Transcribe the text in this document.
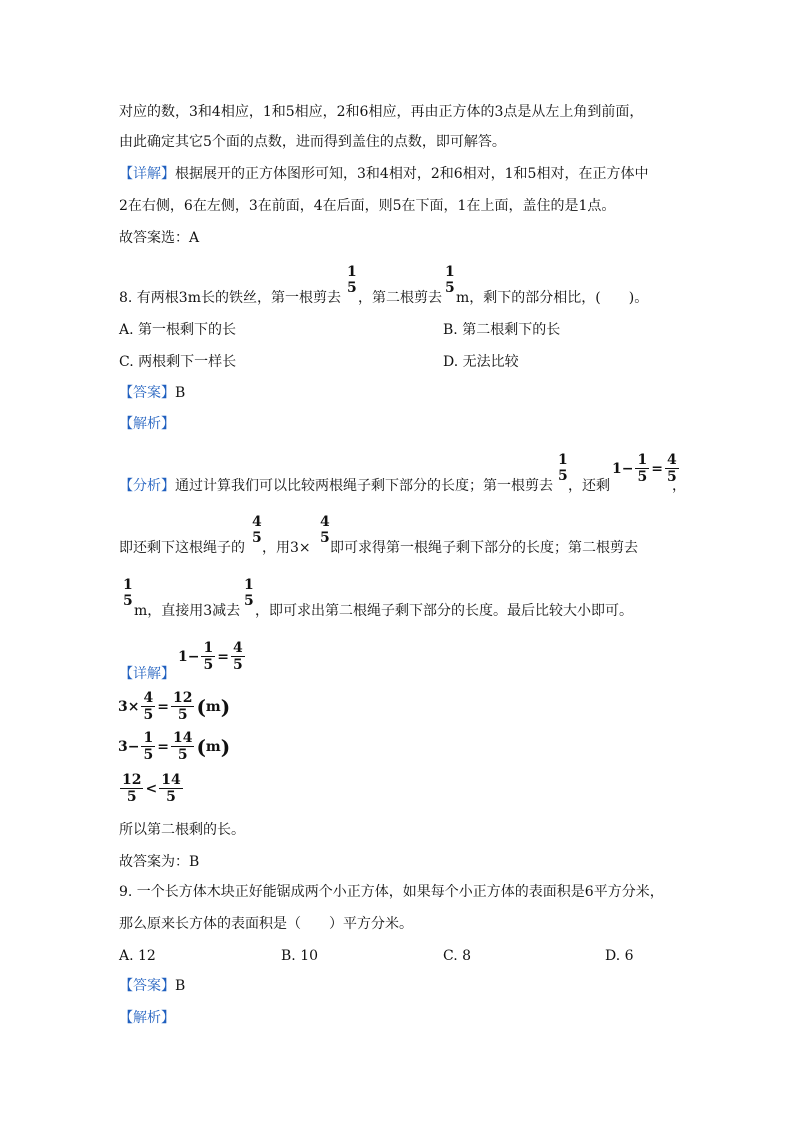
对应的数，3和4相应，1和5相应，2和6相应，再由正方体的3点是从左上角到前面，
由此确定其它5个面的点数，进而得到盖住的点数，即可解答。
【详解】根据展开的正方体图形可知，3和4相对，2和6相对，1和5相对，在正方体中
2在右侧，6在左侧，3在前面，4在后面，则5在下面，1在上面，盖住的是1点。
故答案选：A
8. 有两根3m长的铁丝，第一根剪去
1
5
，第二根剪去
1
5
m，剩下的部分相比，(　　)。
A. 第一根剩下的长	B. 第二根剩下的长
C. 两根剩下一样长	D. 无法比较
【答案】B
【解析】
【分析】通过计算我们可以比较两根绳子剩下部分的长度；第一根剪去
1
5
，还剩
$1 - \frac{1}{5} = \frac{4}{5}$
，
即还剩下这根绳子的
4
5
，用3×
4
5
即可求得第一根绳子剩下部分的长度；第二根剪去
1
5
m，直接用3减去
1
5
，即可求出第二根绳子剩下部分的长度。最后比较大小即可。
【详解】
$1 - \frac{1}{5} = \frac{4}{5}$
$3 \times \frac{4}{5} = \frac{12}{5}$ ( m )
$3 - \frac{1}{5} = \frac{14}{5}$ ( m )
$\frac{12}{5} < \frac{14}{5}$
所以第二根剩的长。
故答案为：B
9. 一个长方体木块正好能锯成两个小正方体，如果每个小正方体的表面积是6平方分米，
那么原来长方体的表面积是（　　）平方分米。
A. 12	B. 10	C. 8	D. 6
【答案】B
【解析】
